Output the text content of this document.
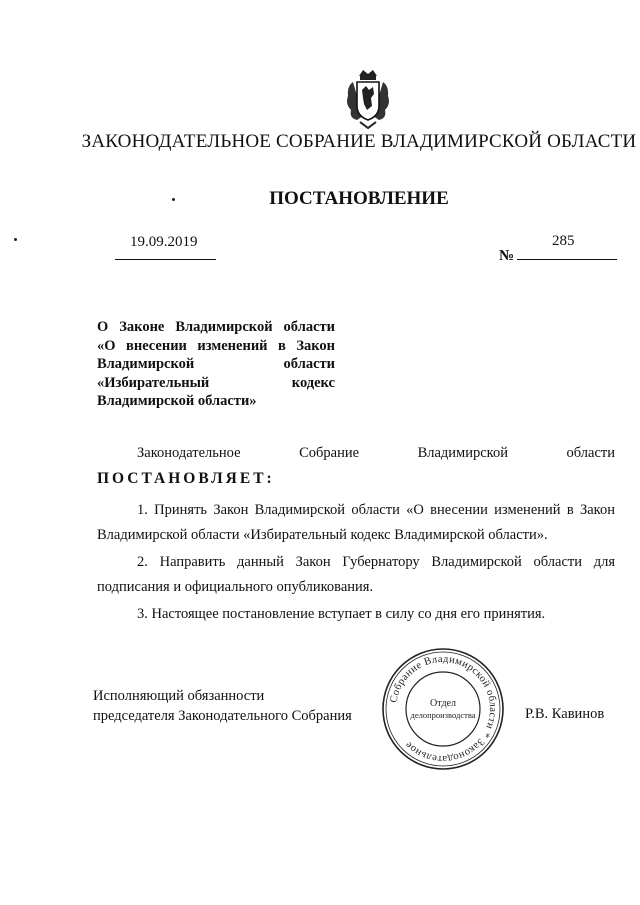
ЗАКОНОДАТЕЛЬНОЕ СОБРАНИЕ ВЛАДИМИРСКОЙ ОБЛАСТИ
ПОСТАНОВЛЕНИЕ
19.09.2019
№
285
О Законе Владимирской области
«О внесении изменений в Закон
Владимирской области
«Избирательный кодекс
Владимирской области»
Законодательное	Собрание	Владимирской	области
ПОСТАНОВЛЯЕТ:
1. Принять Закон Владимирской области «О внесении изменений в Закон Владимирской области «Избирательный кодекс Владимирской области».
2. Направить данный Закон Губернатору Владимирской области для подписания и официального опубликования.
3. Настоящее постановление вступает в силу со дня его принятия.
Исполняющий обязанности
председателя Законодательного Собрания
Собрание Владимирской области * Законодательное
Отдел
делопроизводства	Р.В. Кавинов
